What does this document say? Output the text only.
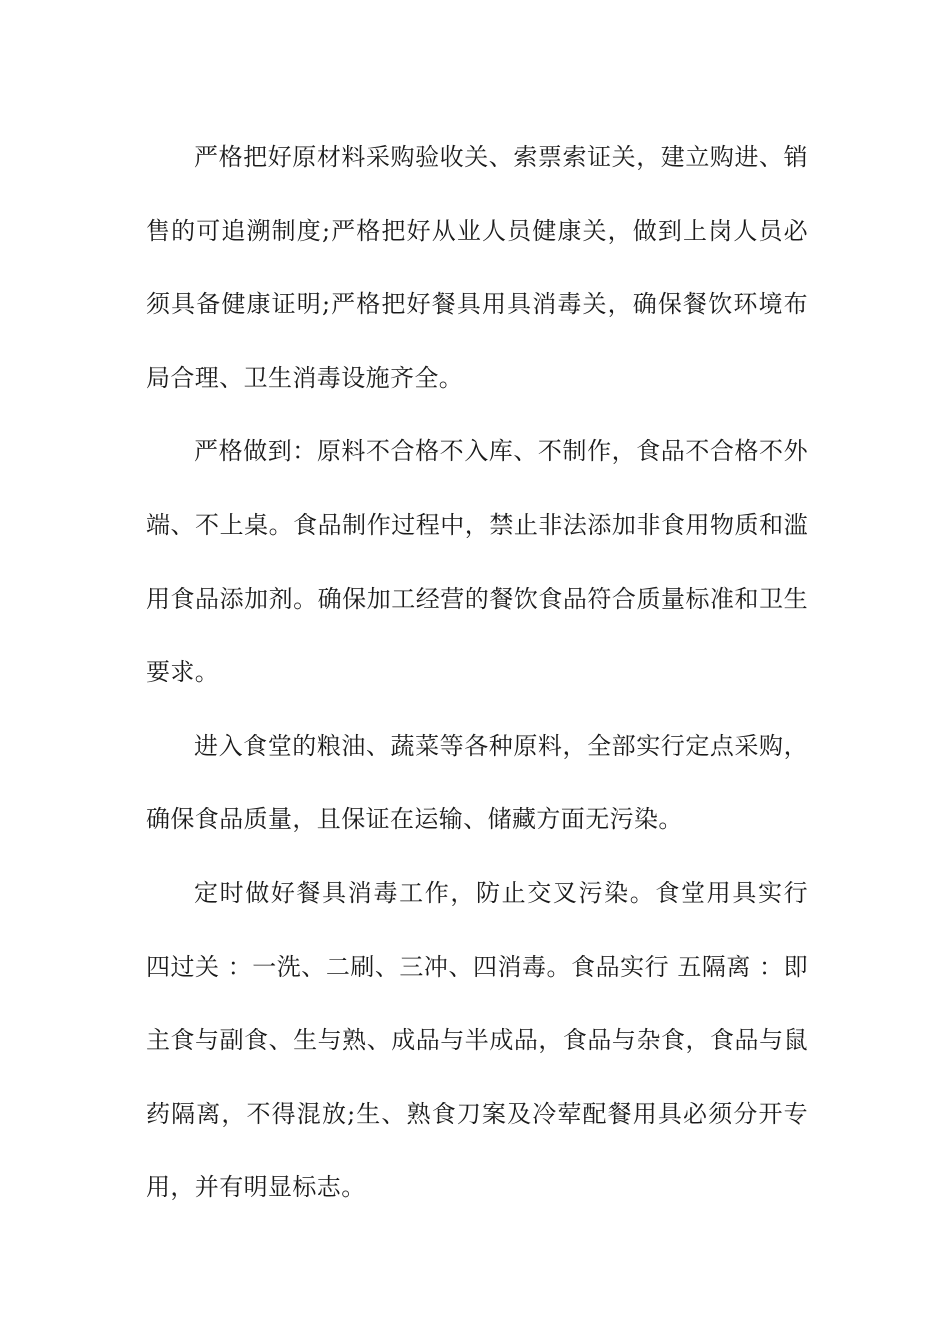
严格把好原材料采购验收关、索票索证关，建立购进、销售的可追溯制度;严格把好从业人员健康关，做到上岗人员必须具备健康证明;严格把好餐具用具消毒关，确保餐饮环境布局合理、卫生消毒设施齐全。

严格做到：原料不合格不入库、不制作，食品不合格不外端、不上桌。食品制作过程中，禁止非法添加非食用物质和滥用食品添加剂。确保加工经营的餐饮食品符合质量标准和卫生要求。

进入食堂的粮油、蔬菜等各种原料，全部实行定点采购，确保食品质量，且保证在运输、储藏方面无污染。

定时做好餐具消毒工作，防止交叉污染。食堂用具实行 四过关 ：一洗、二刷、三冲、四消毒。食品实行 五隔离 ：即主食与副食、生与熟、成品与半成品，食品与杂食，食品与鼠药隔离，不得混放;生、熟食刀案及冷荤配餐用具必须分开专用，并有明显标志。
